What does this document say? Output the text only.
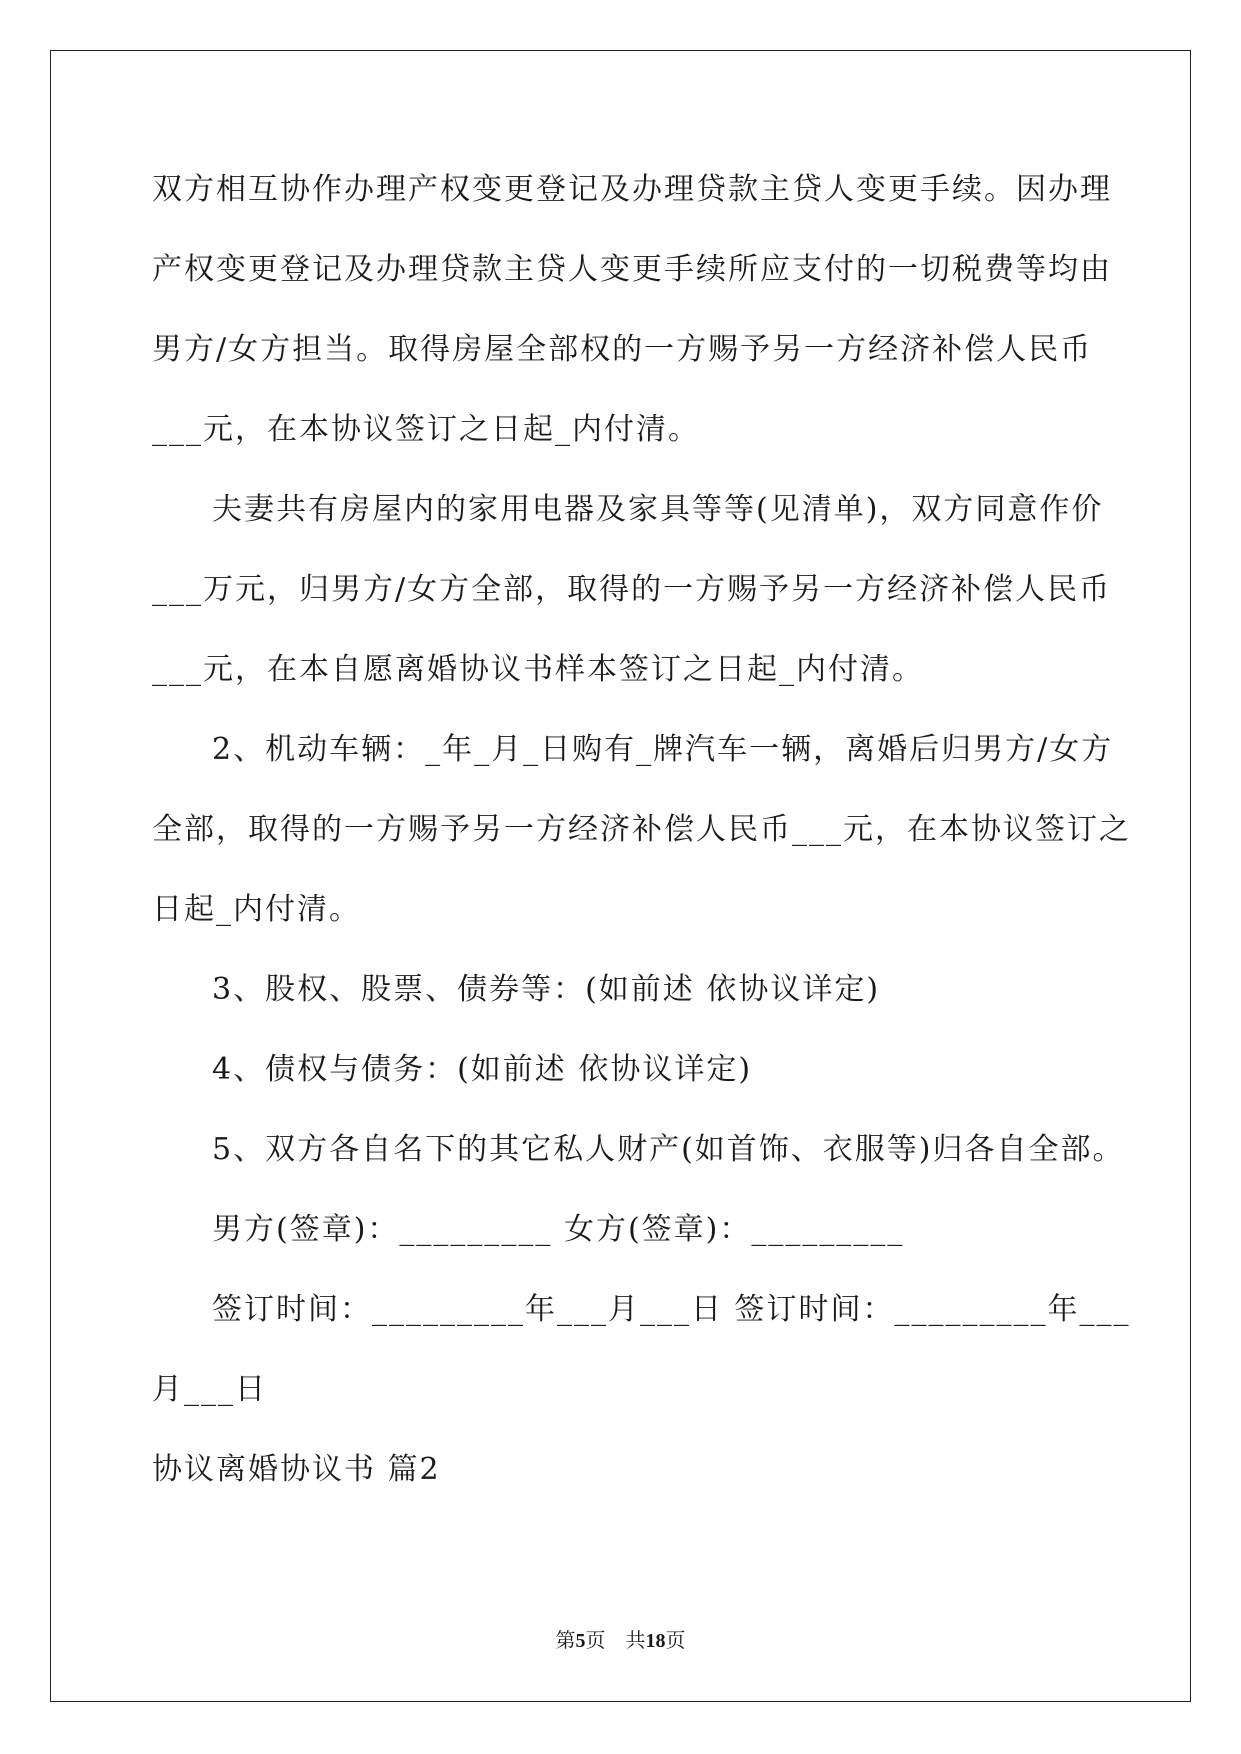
双方相互协作办理产权变更登记及办理贷款主贷人变更手续。因办理
产权变更登记及办理贷款主贷人变更手续所应支付的一切税费等均由
男方/女方担当。取得房屋全部权的一方赐予另一方经济补偿人民币
___元，在本协议签订之日起_内付清。
夫妻共有房屋内的家用电器及家具等等(见清单)，双方同意作价
___万元，归男方/女方全部，取得的一方赐予另一方经济补偿人民币
___元，在本自愿离婚协议书样本签订之日起_内付清。
2、机动车辆：_年_月_日购有_牌汽车一辆，离婚后归男方/女方
全部，取得的一方赐予另一方经济补偿人民币___元，在本协议签订之
日起_内付清。
3、股权、股票、债券等：(如前述 依协议详定)
4、债权与债务：(如前述 依协议详定)
5、双方各自名下的其它私人财产(如首饰、衣服等)归各自全部。
男方(签章)：_________ 女方(签章)：_________
签订时间：_________年___月___日 签订时间：_________年___
月___日
协议离婚协议书 篇2
第5页　共18页
